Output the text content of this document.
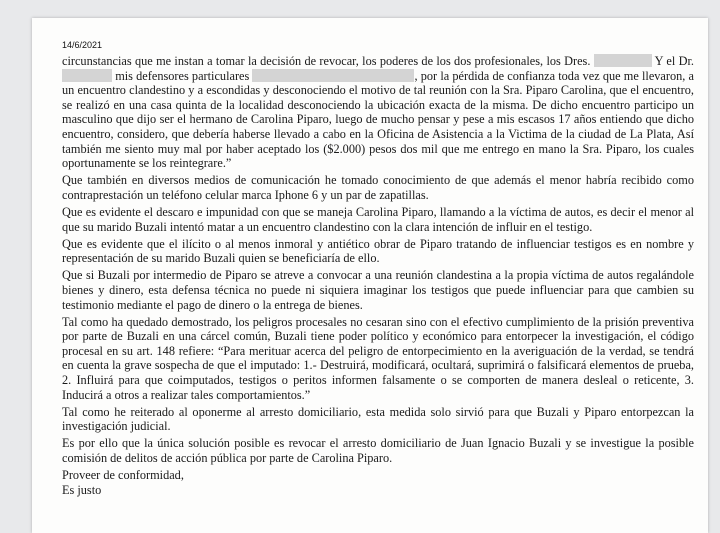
14/6/2021

circunstancias que me instan a tomar la decisión de revocar, los poderes de los dos profesionales, los Dres.	Y el Dr.  mis defensores particulares	, por la pérdida de confianza toda vez que me llevaron, a un encuentro clandestino y a escondidas y desconociendo el motivo de tal reunión con la Sra. Piparo Carolina, que el encuentro, se realizó en una casa quinta de la localidad desconociendo la ubicación exacta de la misma. De dicho encuentro participo un masculino que dijo ser el hermano de Carolina Piparo, luego de mucho pensar y pese a mis escasos 17 años entiendo que dicho encuentro, considero, que debería haberse llevado a cabo en la Oficina de Asistencia a la Victima de la ciudad de La Plata, Así también me siento muy mal por haber aceptado los ($2.000) pesos dos mil que me entrego en mano la Sra. Piparo, los cuales oportunamente se los reintegrare.”

Que también en diversos medios de comunicación he tomado conocimiento de que además el menor habría recibido como contraprestación un teléfono celular marca Iphone 6 y un par de zapatillas.

Que es evidente el descaro e impunidad con que se maneja Carolina Piparo, llamando a la víctima de autos, es decir el menor al que su marido Buzali intentó matar a un encuentro clandestino con la clara intención de influir en el testigo.

Que es evidente que el ilícito o al menos inmoral y antiético obrar de Piparo tratando de influenciar testigos es en nombre y representación de su marido Buzali quien se beneficiaría de ello.

Que si Buzali por intermedio de Piparo se atreve a convocar a una reunión clandestina a la propia víctima de autos regalándole bienes y dinero, esta defensa técnica no puede ni siquiera imaginar los testigos que puede influenciar para que cambien su testimonio mediante el pago de dinero o la entrega de bienes.

Tal como ha quedado demostrado, los peligros procesales no cesaran sino con el efectivo cumplimiento de la prisión preventiva por parte de Buzali en una cárcel común, Buzali tiene poder político y económico para entorpecer la investigación, el código procesal en su art. 148 refiere: “Para merituar acerca del peligro de entorpecimiento en la averiguación de la verdad, se tendrá en cuenta la grave sospecha de que el imputado: 1.- Destruirá, modificará, ocultará, suprimirá o falsificará elementos de prueba, 2. Influirá para que coimputados, testigos o peritos informen falsamente o se comporten de manera desleal o reticente, 3. Inducirá a otros a realizar tales comportamientos.”

Tal como he reiterado al oponerme al arresto domiciliario, esta medida solo sirvió para que Buzali y Piparo entorpezcan la investigación judicial.

Es por ello que la única solución posible es revocar el arresto domiciliario de Juan Ignacio Buzali y se investigue la posible comisión de delitos de acción pública por parte de Carolina Piparo.

Proveer de conformidad,

Es justo
